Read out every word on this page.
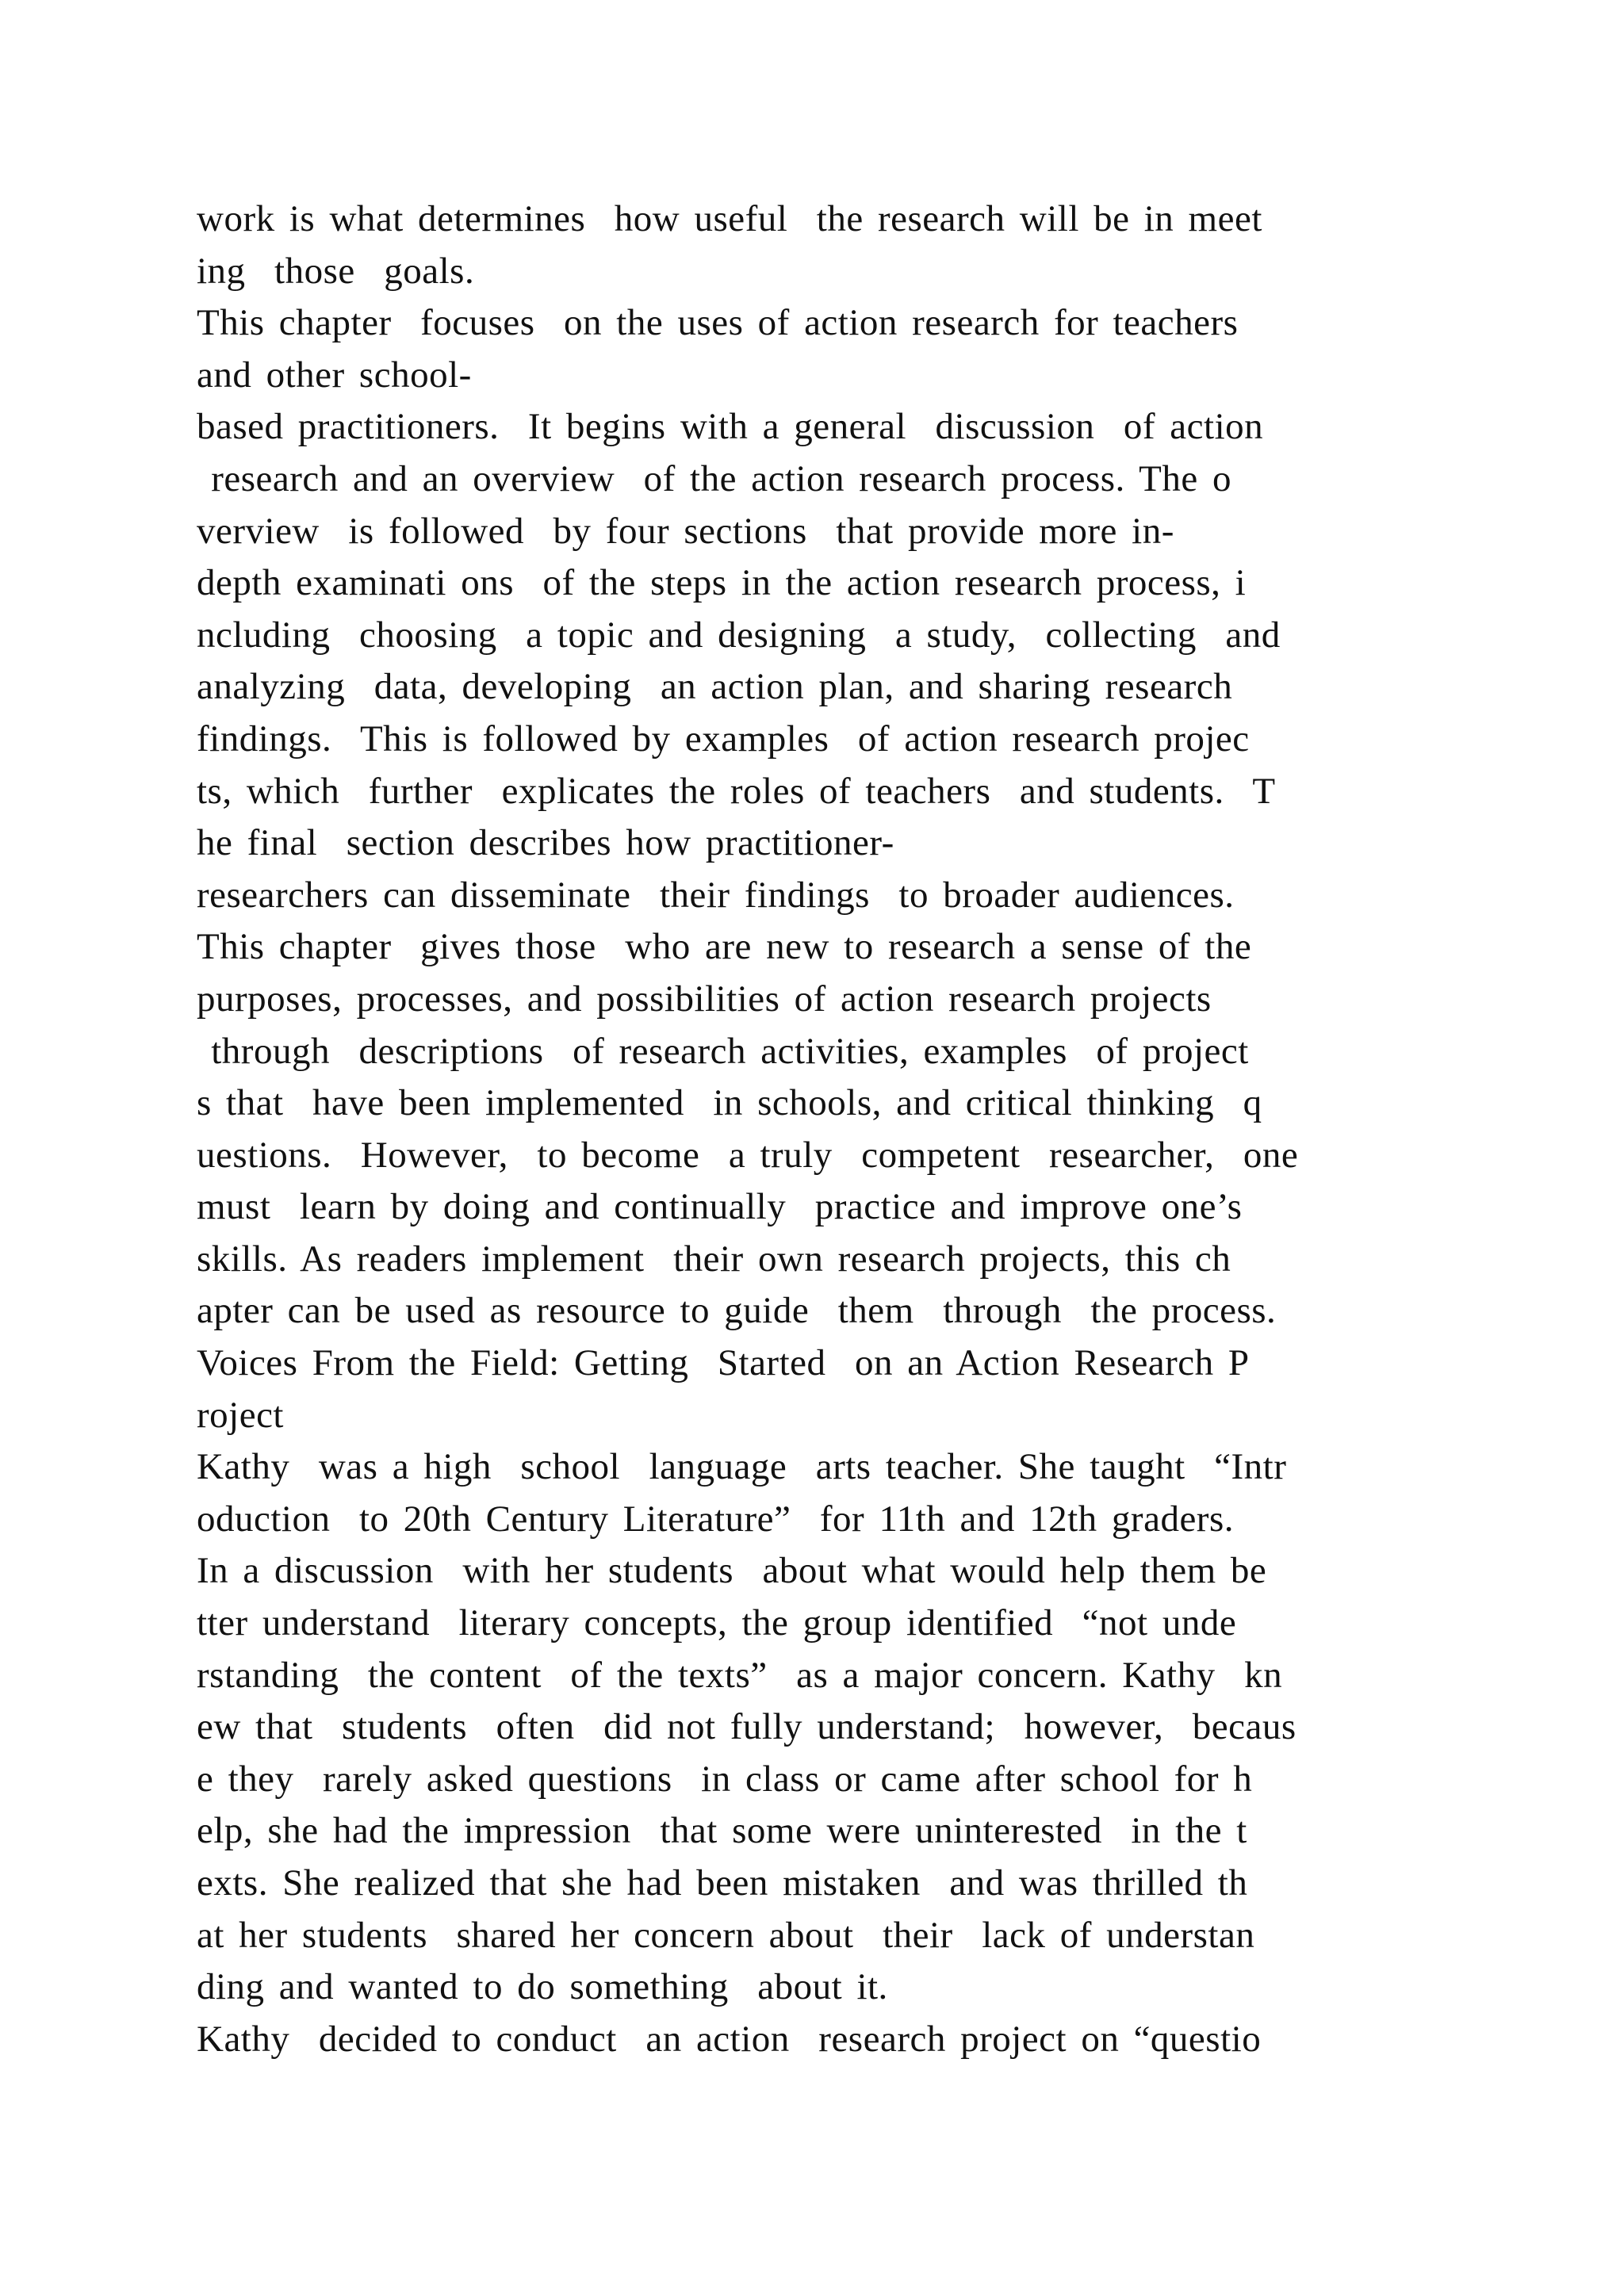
work is what determines  how useful  the research will be in meet
ing  those  goals.
This chapter  focuses  on the uses of action research for teachers
and other school-
based practitioners.  It begins with a general  discussion  of action
research and an overview  of the action research process. The o
verview  is followed  by four sections  that provide more in-
depth examinati ons  of the steps in the action research process, i
ncluding  choosing  a topic and designing  a study,  collecting  and
analyzing  data, developing  an action plan, and sharing research
findings.  This is followed by examples  of action research projec
ts, which  further  explicates the roles of teachers  and students.  T
he final  section describes how practitioner-
researchers can disseminate  their findings  to broader audiences.
This chapter  gives those  who are new to research a sense of the
purposes, processes, and possibilities of action research projects
through  descriptions  of research activities, examples  of project
s that  have been implemented  in schools, and critical thinking  q
uestions.  However,  to become  a truly  competent  researcher,  one
must  learn by doing and continually  practice and improve one’s
skills. As readers implement  their own research projects, this ch
apter can be used as resource to guide  them  through  the process.
Voices From the Field: Getting  Started  on an Action Research P
roject
Kathy  was a high  school  language  arts teacher. She taught  “Intr
oduction  to 20th Century Literature”  for 11th and 12th graders.
In a discussion  with her students  about what would help them be
tter understand  literary concepts, the group identified  “not unde
rstanding  the content  of the texts”  as a major concern. Kathy  kn
ew that  students  often  did not fully understand;  however,  becaus
e they  rarely asked questions  in class or came after school for h
elp, she had the impression  that some were uninterested  in the t
exts. She realized that she had been mistaken  and was thrilled th
at her students  shared her concern about  their  lack of understan
ding and wanted to do something  about it.
Kathy  decided to conduct  an action  research project on “questio
